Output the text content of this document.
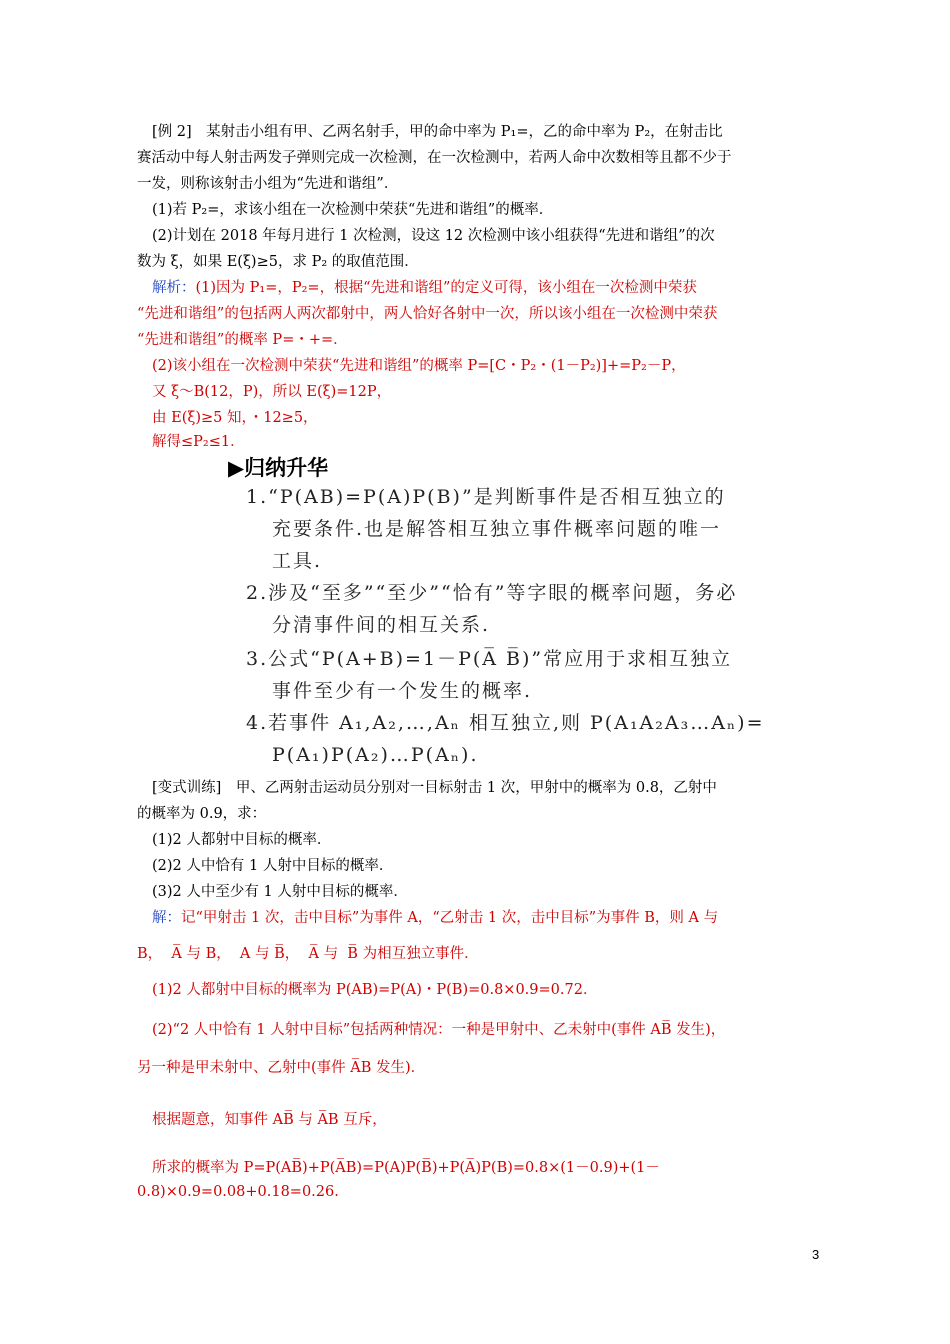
[例 2]　某射击小组有甲、乙两名射手，甲的命中率为 P₁=，乙的命中率为 P₂，在射击比
赛活动中每人射击两发子弹则完成一次检测，在一次检测中，若两人命中次数相等且都不少于
一发，则称该射击小组为“先进和谐组”．
(1)若 P₂=，求该小组在一次检测中荣获“先进和谐组”的概率．
(2)计划在 2018 年每月进行 1 次检测，设这 12 次检测中该小组获得“先进和谐组”的次
数为 ξ，如果 E(ξ)≥5，求 P₂ 的取值范围．
解析：(1)因为 P₁=，P₂=，根据“先进和谐组”的定义可得，该小组在一次检测中荣获
“先进和谐组”的包括两人两次都射中，两人恰好各射中一次，所以该小组在一次检测中荣获
“先进和谐组”的概率 P=・+=．
(2)该小组在一次检测中荣获“先进和谐组”的概率 P=[C・P₂・(1－P₂)]+=P₂－P，
又 ξ～B(12，P)，所以 E(ξ)=12P，
由 E(ξ)≥5 知，・12≥5，
解得≤P₂≤1．
▶归纳升华
1.“P(AB)=P(A)P(B)”是判断事件是否相互独立的
充要条件.也是解答相互独立事件概率问题的唯一
工具.
2.涉及“至多”“至少”“恰有”等字眼的概率问题，务必
分清事件间的相互关系.
3.公式“P(A+B)=1－P(A̅ B̅)”常应用于求相互独立
事件至少有一个发生的概率.
4.若事件 A₁,A₂,…,Aₙ 相互独立,则 P(A₁A₂A₃…Aₙ)=
P(A₁)P(A₂)…P(Aₙ).
[变式训练]　甲、乙两射击运动员分别对一目标射击 1 次，甲射中的概率为 0.8，乙射中
的概率为 0.9，求：
(1)2 人都射中目标的概率．
(2)2 人中恰有 1 人射中目标的概率．
(3)2 人中至少有 1 人射中目标的概率．
解：记“甲射击 1 次，击中目标”为事件 A，“乙射击 1 次，击中目标”为事件 B，则 A 与
B，  A̅ 与 B，  A 与 B̅，  A̅ 与  B̅ 为相互独立事件．
(1)2 人都射中目标的概率为 P(AB)=P(A)・P(B)=0.8×0.9=0.72．
(2)“2 人中恰有 1 人射中目标”包括两种情况：一种是甲射中、乙未射中(事件 AB̅ 发生)，
另一种是甲未射中、乙射中(事件 A̅B 发生)．
根据题意，知事件 AB̅ 与 A̅B 互斥，
所求的概率为 P=P(AB̅)+P(A̅B)=P(A)P(B̅)+P(A̅)P(B)=0.8×(1－0.9)+(1－
0.8)×0.9=0.08+0.18=0.26.
3
